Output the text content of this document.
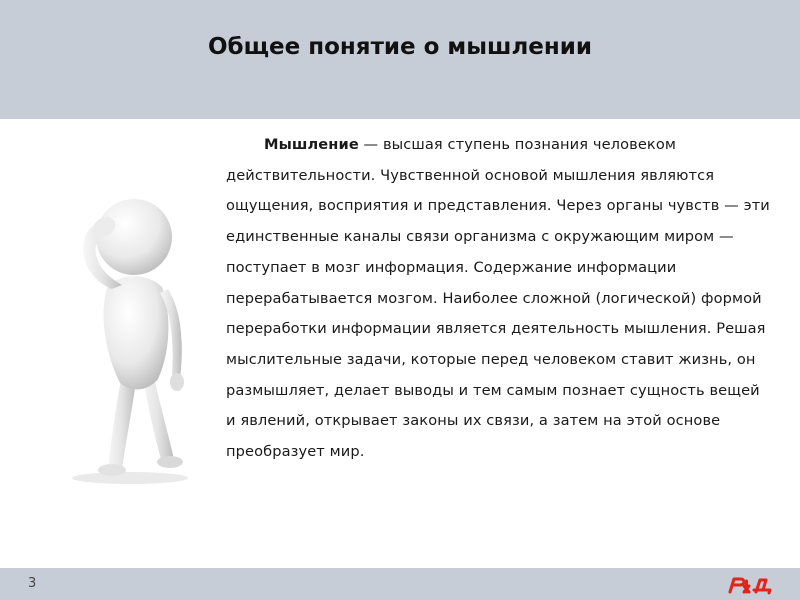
Общее понятие о мышлении

Мышление — высшая ступень познания человеком действительности. Чувственной основой мышления являются ощущения, восприятия и представления. Через органы чувств — эти единственные каналы связи организма с окружающим миром — поступает в мозг информация. Содержание информации перерабатывается мозгом. Наиболее сложной (логической) формой переработки информации является деятельность мышления. Решая мыслительные задачи, которые перед человеком ставит жизнь, он размышляет, делает выводы и тем самым познает сущность вещей и явлений, открывает законы их связи, а затем на этой основе преобразует мир.

3
